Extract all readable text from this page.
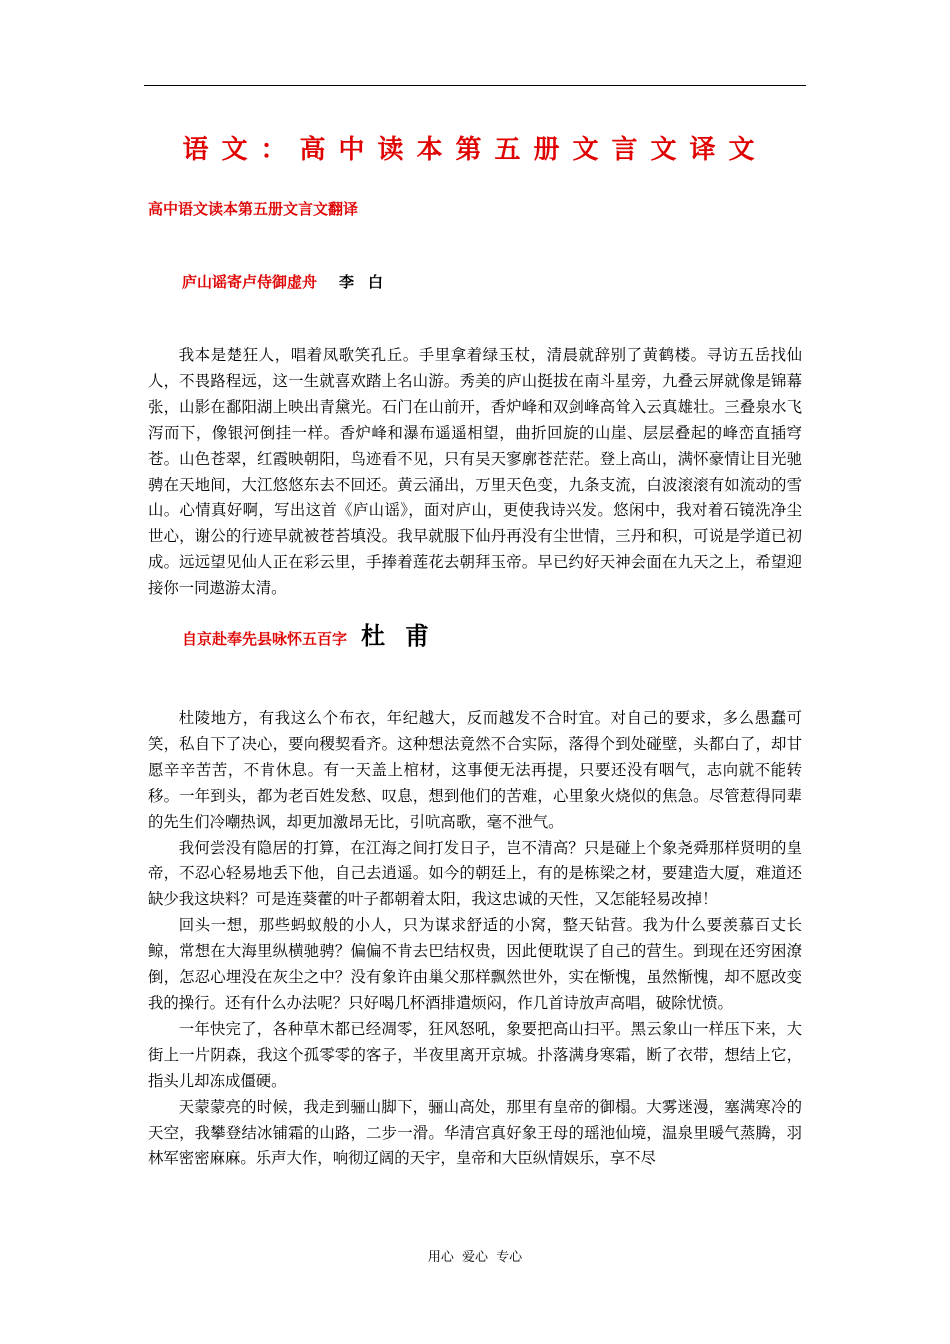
语文：高中读本第五册文言文译文
高中语文读本第五册文言文翻译
庐山谣寄卢侍御虚舟 李白

我本是楚狂人，唱着凤歌笑孔丘。手里拿着绿玉杖，清晨就辞别了黄鹤楼。寻访五岳找仙人，不畏路程远，这一生就喜欢踏上名山游。秀美的庐山挺拔在南斗星旁，九叠云屏就像是锦幕张，山影在鄱阳湖上映出青黛光。石门在山前开，香炉峰和双剑峰高耸入云真雄壮。三叠泉水飞泻而下，像银河倒挂一样。香炉峰和瀑布遥遥相望，曲折回旋的山崖、层层叠起的峰峦直插穹苍。山色苍翠，红霞映朝阳，鸟迹看不见，只有吴天寥廓苍茫茫。登上高山，满怀豪情让目光驰骋在天地间，大江悠悠东去不回还。黄云涌出，万里天色变，九条支流，白波滚滚有如流动的雪山。心情真好啊，写出这首《庐山谣》，面对庐山，更使我诗兴发。悠闲中，我对着石镜洗净尘世心，谢公的行迹早就被苍苔填没。我早就服下仙丹再没有尘世情，三丹和积，可说是学道已初成。远远望见仙人正在彩云里，手捧着莲花去朝拜玉帝。早已约好天神会面在九天之上，希望迎接你一同遨游太清。

自京赴奉先县咏怀五百字 杜甫

杜陵地方，有我这么个布衣，年纪越大，反而越发不合时宜。对自己的要求，多么愚蠢可笑，私自下了决心，要向稷契看齐。这种想法竟然不合实际，落得个到处碰壁，头都白了，却甘愿辛辛苦苦，不肯休息。有一天盖上棺材，这事便无法再提，只要还没有咽气，志向就不能转移。一年到头，都为老百姓发愁、叹息，想到他们的苦难，心里象火烧似的焦急。尽管惹得同辈的先生们冷嘲热讽，却更加激昂无比，引吭高歌，毫不泄气。

我何尝没有隐居的打算，在江海之间打发日子，岂不清高？只是碰上个象尧舜那样贤明的皇帝，不忍心轻易地丢下他，自己去逍遥。如今的朝廷上，有的是栋梁之材，要建造大厦，难道还缺少我这块料？可是连葵藿的叶子都朝着太阳，我这忠诚的天性，又怎能轻易改掉！

回头一想，那些蚂蚁般的小人，只为谋求舒适的小窝，整天钻营。我为什么要羡慕百丈长鲸，常想在大海里纵横驰骋？偏偏不肯去巴结权贵，因此便耽误了自己的营生。到现在还穷困潦倒，怎忍心埋没在灰尘之中？没有象许由巢父那样飘然世外，实在惭愧，虽然惭愧，却不愿改变我的操行。还有什么办法呢？只好喝几杯酒排遣烦闷，作几首诗放声高唱，破除忧愤。

一年快完了，各种草木都已经凋零，狂风怒吼，象要把高山扫平。黑云象山一样压下来，大街上一片阴森，我这个孤零零的客子，半夜里离开京城。扑落满身寒霜，断了衣带，想结上它，指头儿却冻成僵硬。

天蒙蒙亮的时候，我走到骊山脚下，骊山高处，那里有皇帝的御榻。大雾迷漫，塞满寒冷的天空，我攀登结冰铺霜的山路，二步一滑。华清宫真好象王母的瑶池仙境，温泉里暖气蒸腾，羽林军密密麻麻。乐声大作，响彻辽阔的天宇，皇帝和大臣纵情娱乐，享不尽

用心 爱心 专心
